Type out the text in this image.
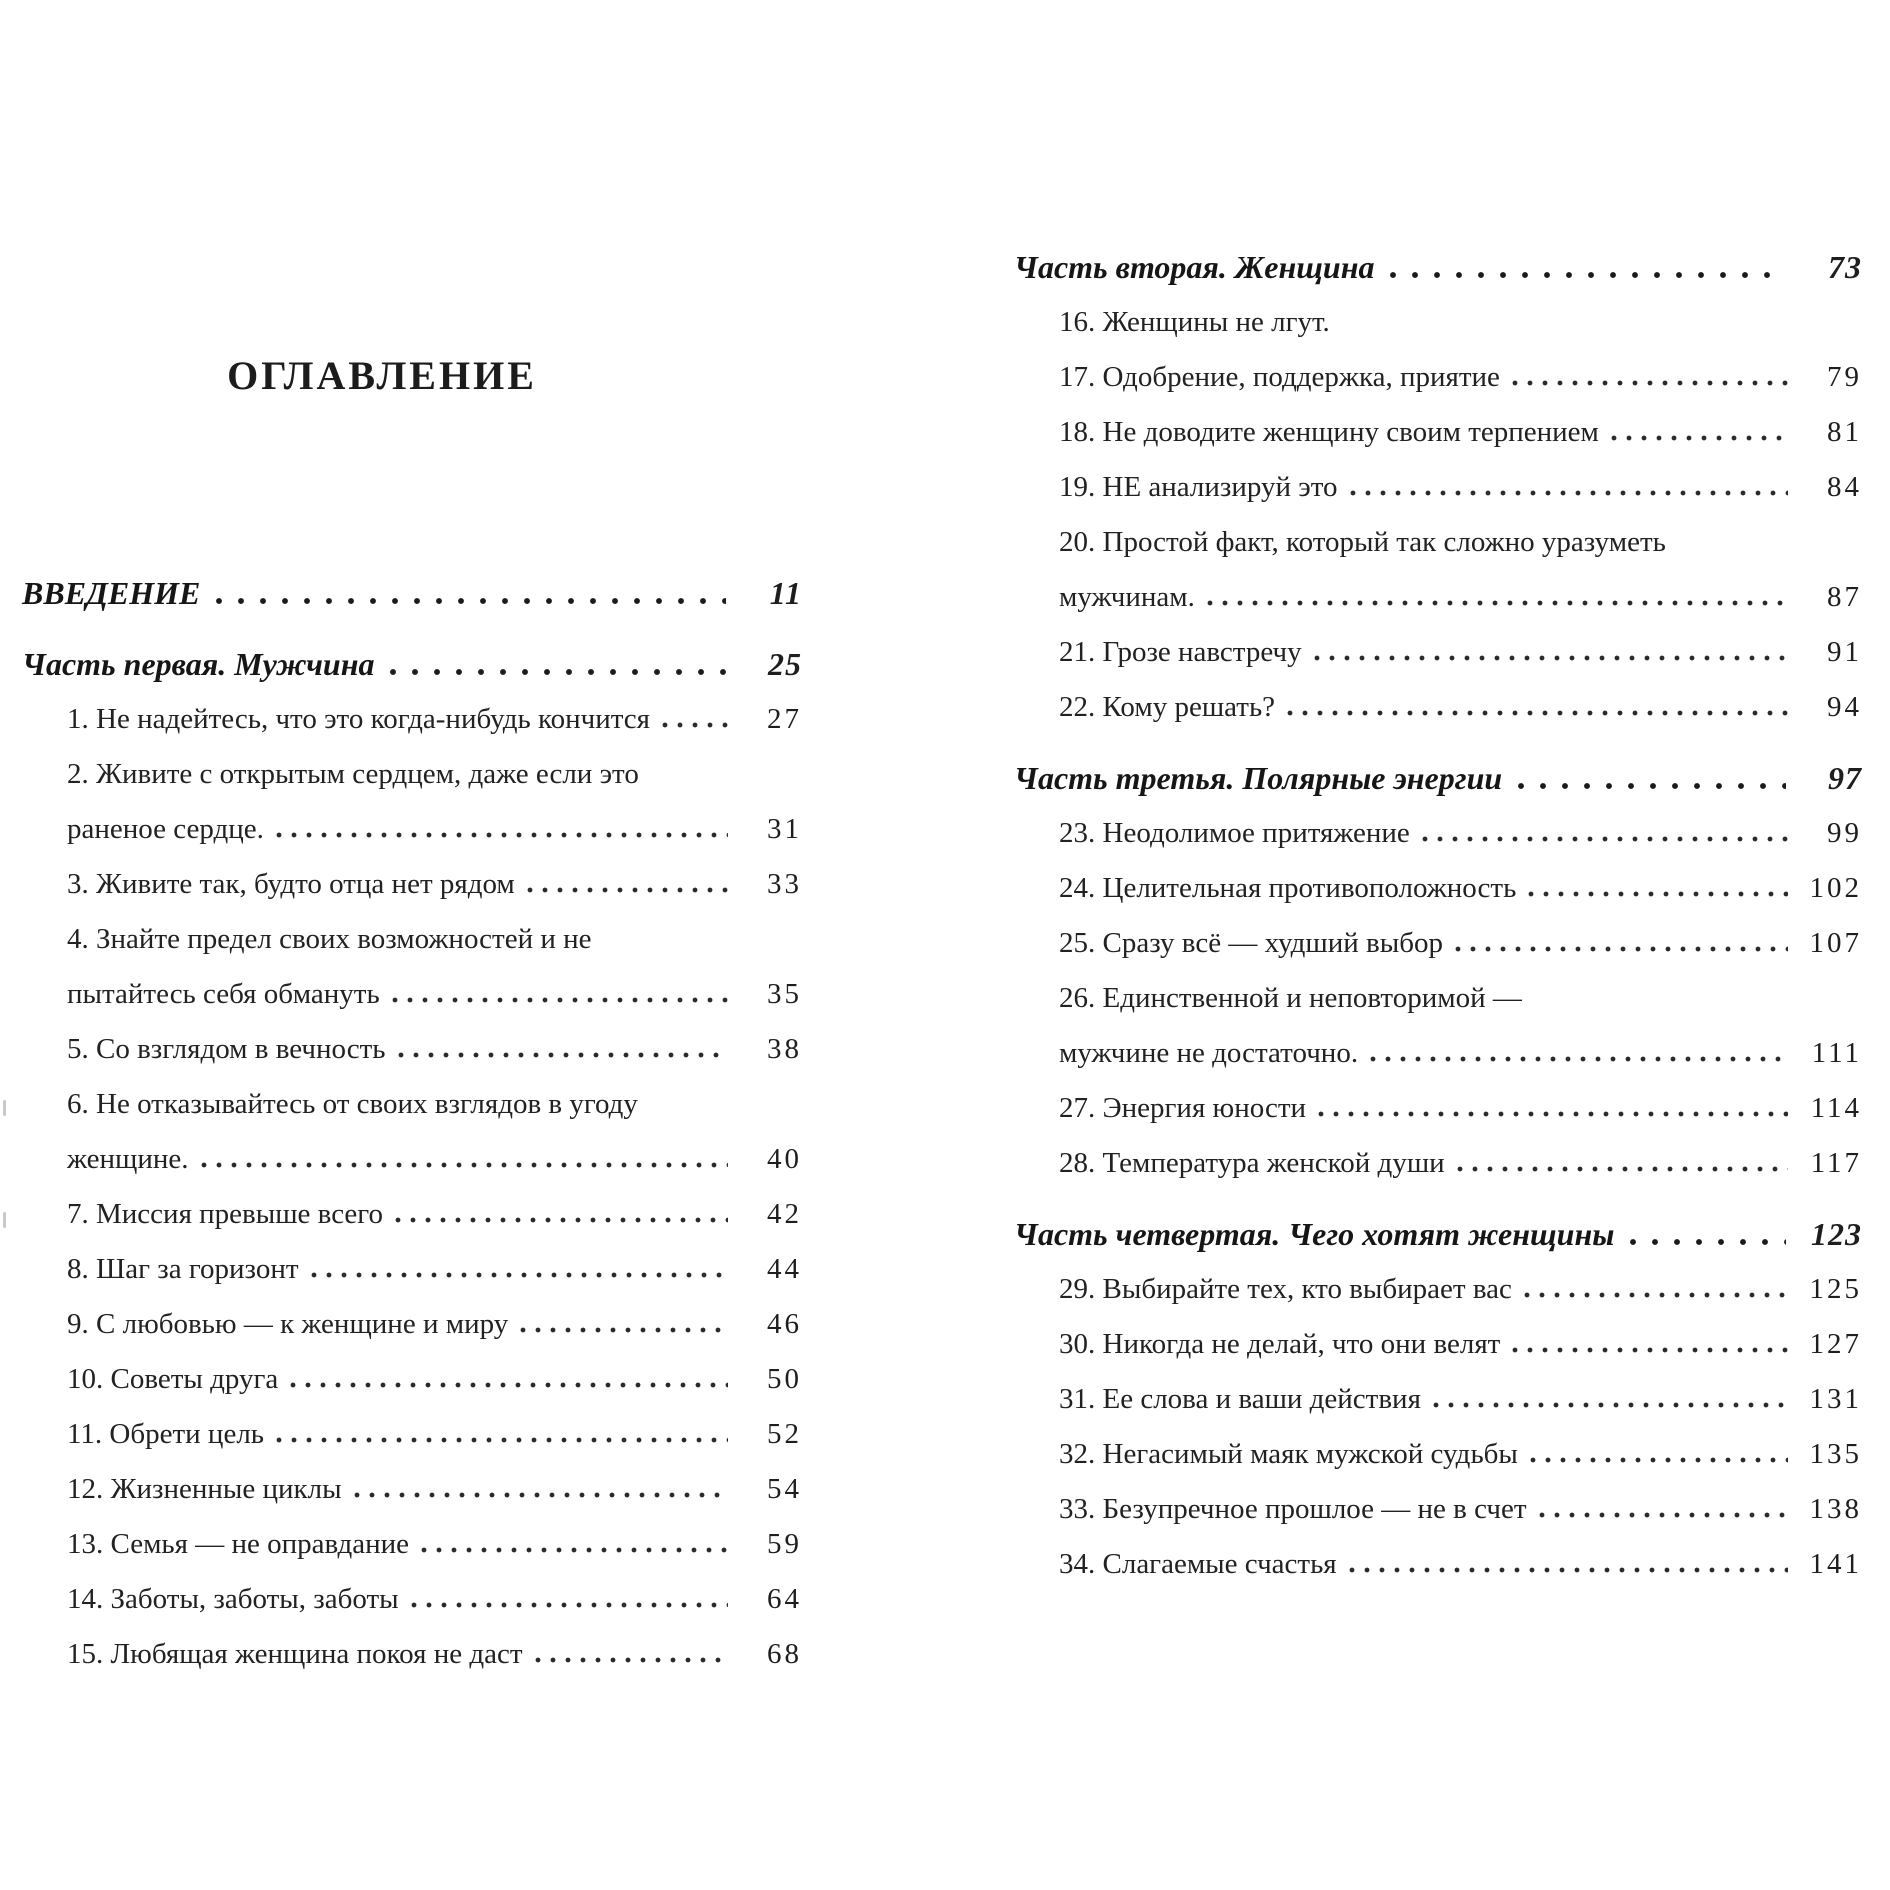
ОГЛАВЛЕНИЕ
ВВЕДЕНИЕ	11
Часть первая. Мужчина	25
1. Не надейтесь, что это когда-нибудь кончится	27
2. Живите с открытым сердцем, даже если это
раненое сердце.	31
3. Живите так, будто отца нет рядом	33
4. Знайте предел своих возможностей и не
пытайтесь себя обмануть	35
5. Со взглядом в вечность	38
6. Не отказывайтесь от своих взглядов в угоду
женщине.	40
7. Миссия превыше всего	42
8. Шаг за горизонт	44
9. С любовью — к женщине и миру	46
10. Советы друга	50
11. Обрети цель	52
12. Жизненные циклы	54
13. Семья — не оправдание	59
14. Заботы, заботы, заботы	64
15. Любящая женщина покоя не даст	68
Часть вторая. Женщина	73
16. Женщины не лгут.
17. Одобрение, поддержка, приятие	79
18. Не доводите женщину своим терпением	81
19. НЕ анализируй это	84
20. Простой факт, который так сложно уразуметь
мужчинам.	87
21. Грозе навстречу	91
22. Кому решать?	94
Часть третья. Полярные энергии	97
23. Неодолимое притяжение	99
24. Целительная противоположность	102
25. Сразу всё — худший выбор	107
26. Единственной и неповторимой —
мужчине не достаточно.	111
27. Энергия юности	114
28. Температура женской души	117
Часть четвертая. Чего хотят женщины	123
29. Выбирайте тех, кто выбирает вас	125
30. Никогда не делай, что они велят	127
31. Ее слова и ваши действия	131
32. Негасимый маяк мужской судьбы	135
33. Безупречное прошлое — не в счет	138
34. Слагаемые счастья	141
